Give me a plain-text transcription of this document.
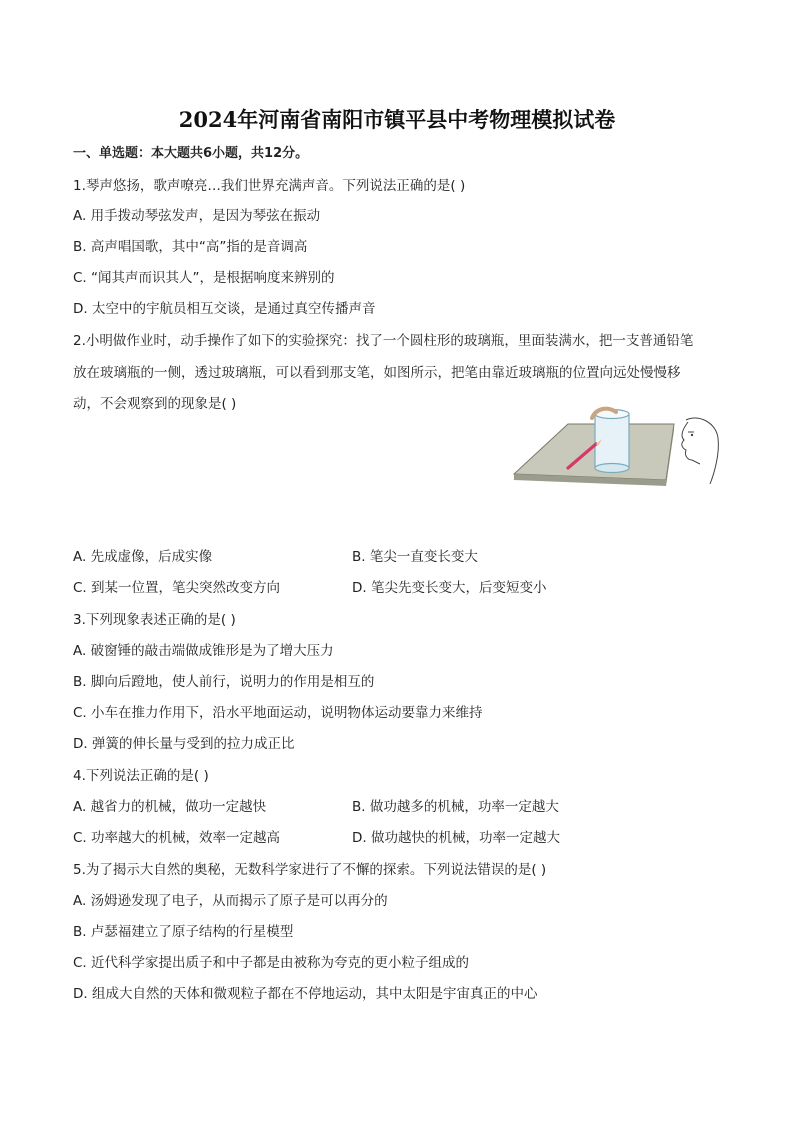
2024年河南省南阳市镇平县中考物理模拟试卷
一、单选题：本大题共6小题，共12分。
1.琴声悠扬，歌声嘹亮…我们世界充满声音。下列说法正确的是( )
A. 用手拨动琴弦发声，是因为琴弦在振动
B. 高声唱国歌，其中“高”指的是音调高
C. “闻其声而识其人”，是根据响度来辨别的
D. 太空中的宇航员相互交谈，是通过真空传播声音
2.小明做作业时，动手操作了如下的实验探究：找了一个圆柱形的玻璃瓶，里面装满水，把一支普通铅笔
放在玻璃瓶的一侧，透过玻璃瓶，可以看到那支笔，如图所示，把笔由靠近玻璃瓶的位置向远处慢慢移
动，不会观察到的现象是( )
A. 先成虚像，后成实像	B. 笔尖一直变长变大
C. 到某一位置，笔尖突然改变方向	D. 笔尖先变长变大，后变短变小
3.下列现象表述正确的是( )
A. 破窗锤的敲击端做成锥形是为了增大压力
B. 脚向后蹬地，使人前行，说明力的作用是相互的
C. 小车在推力作用下，沿水平地面运动，说明物体运动要靠力来维持
D. 弹簧的伸长量与受到的拉力成正比
4.下列说法正确的是( )
A. 越省力的机械，做功一定越快	B. 做功越多的机械，功率一定越大
C. 功率越大的机械，效率一定越高	D. 做功越快的机械，功率一定越大
5.为了揭示大自然的奥秘，无数科学家进行了不懈的探索。下列说法错误的是( )
A. 汤姆逊发现了电子，从而揭示了原子是可以再分的
B. 卢瑟福建立了原子结构的行星模型
C. 近代科学家提出质子和中子都是由被称为夸克的更小粒子组成的
D. 组成大自然的天体和微观粒子都在不停地运动，其中太阳是宇宙真正的中心
